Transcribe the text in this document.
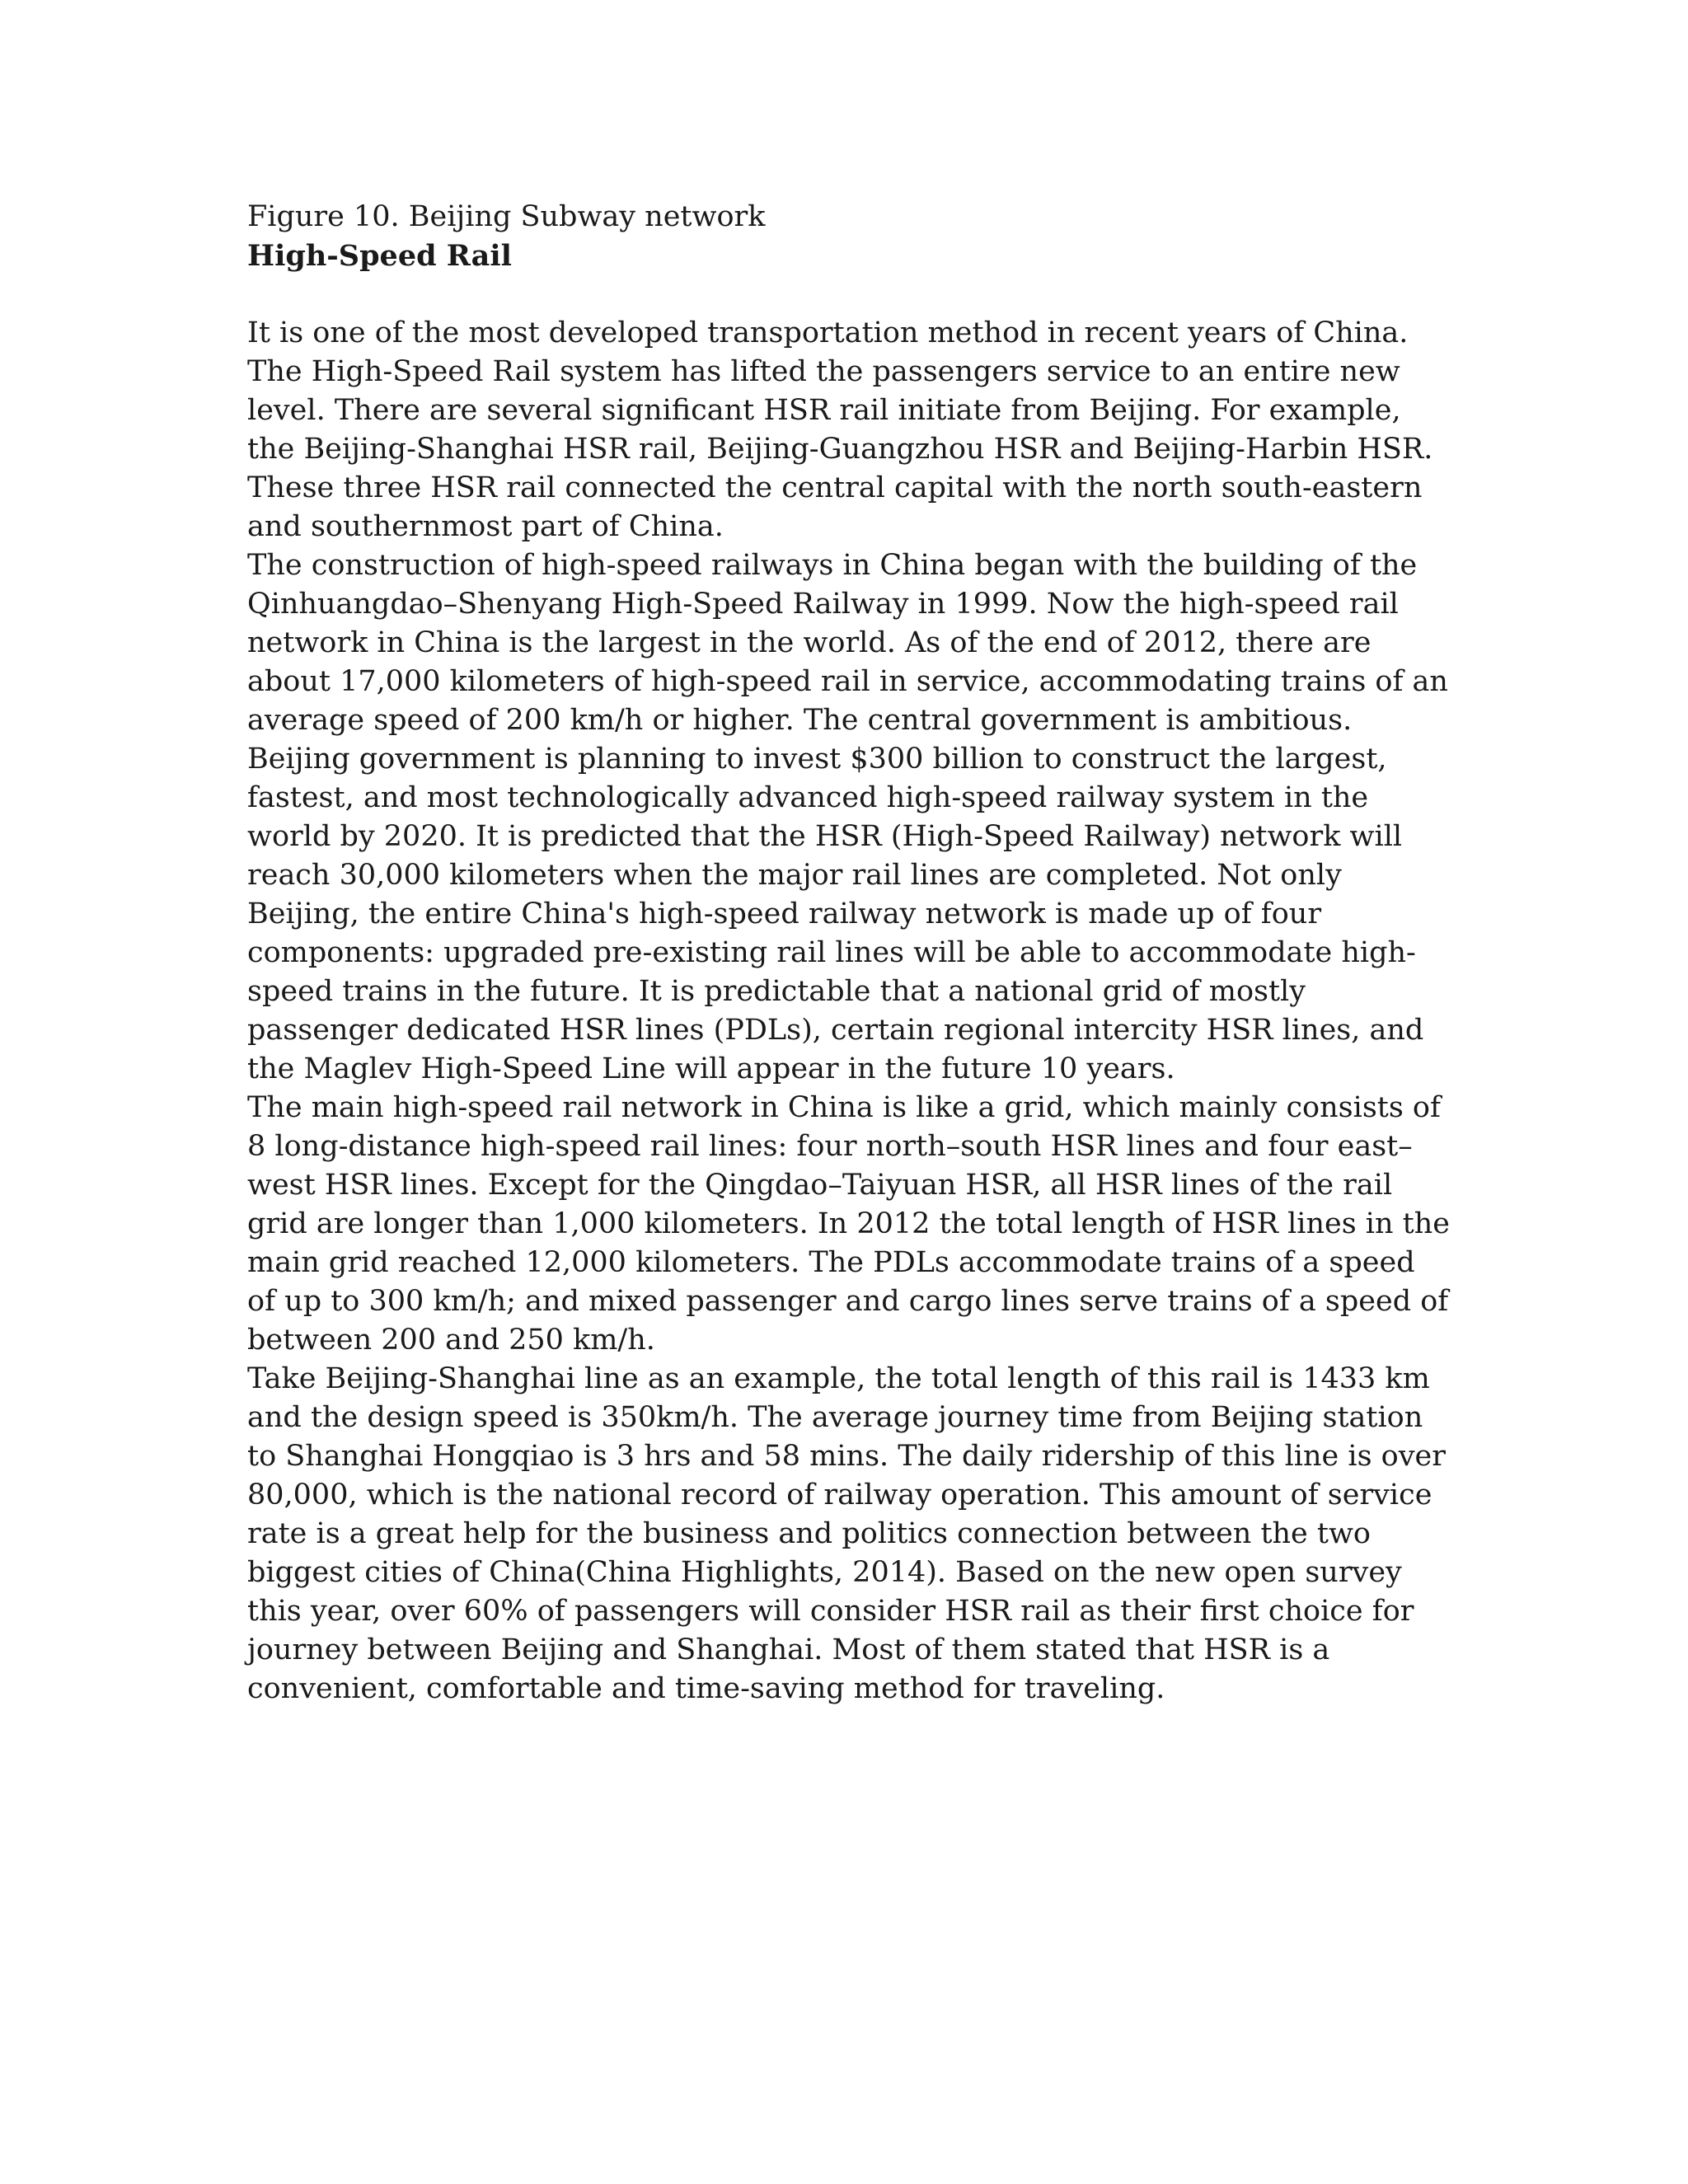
Figure 10. Beijing Subway network

High-Speed Rail

It is one of the most developed transportation method in recent years of China. The High-Speed Rail system has lifted the passengers service to an entire new level. There are several significant HSR rail initiate from Beijing. For example, the Beijing-Shanghai HSR rail, Beijing-Guangzhou HSR and Beijing-Harbin HSR. These three HSR rail connected the central capital with the north south-eastern and southernmost part of China.

The construction of high-speed railways in China began with the building of the Qinhuangdao–Shenyang High-Speed Railway in 1999. Now the high-speed rail network in China is the largest in the world. As of the end of 2012, there are about 17,000 kilometers of high-speed rail in service, accommodating trains of an average speed of 200 km/h or higher. The central government is ambitious. Beijing government is planning to invest $300 billion to construct the largest, fastest, and most technologically advanced high-speed railway system in the world by 2020. It is predicted that the HSR (High-Speed Railway) network will reach 30,000 kilometers when the major rail lines are completed. Not only Beijing, the entire China's high-speed railway network is made up of four components: upgraded pre-existing rail lines will be able to accommodate high-speed trains in the future. It is predictable that a national grid of mostly passenger dedicated HSR lines (PDLs), certain regional intercity HSR lines, and the Maglev High-Speed Line will appear in the future 10 years.

The main high-speed rail network in China is like a grid, which mainly consists of 8 long-distance high-speed rail lines: four north–south HSR lines and four east–west HSR lines. Except for the Qingdao–Taiyuan HSR, all HSR lines of the rail grid are longer than 1,000 kilometers. In 2012 the total length of HSR lines in the main grid reached 12,000 kilometers. The PDLs accommodate trains of a speed of up to 300 km/h; and mixed passenger and cargo lines serve trains of a speed of between 200 and 250 km/h.

Take Beijing-Shanghai line as an example, the total length of this rail is 1433 km and the design speed is 350km/h. The average journey time from Beijing station to Shanghai Hongqiao is 3 hrs and 58 mins. The daily ridership of this line is over 80,000, which is the national record of railway operation. This amount of service rate is a great help for the business and politics connection between the two biggest cities of China(China Highlights, 2014). Based on the new open survey this year, over 60% of passengers will consider HSR rail as their first choice for journey between Beijing and Shanghai. Most of them stated that HSR is a convenient, comfortable and time-saving method for traveling.
